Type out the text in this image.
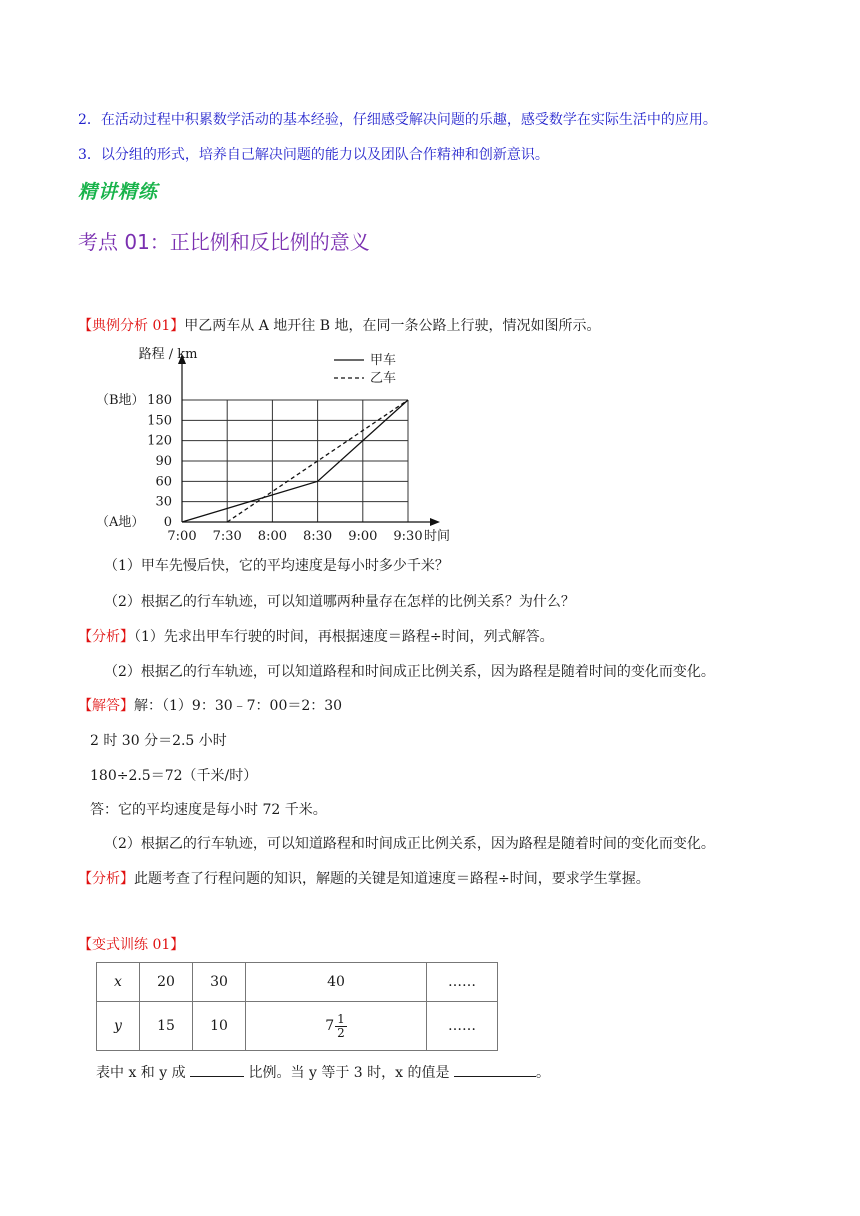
2．在活动过程中积累数学活动的基本经验，仔细感受解决问题的乐趣，感受数学在实际生活中的应用。
3．以分组的形式，培养自己解决问题的能力以及团队合作精神和创新意识。
精讲精练
考点 01：正比例和反比例的意义
【典例分析 01】甲乙两车从 A 地开往 B 地，在同一条公路上行驶，情况如图所示。
0
30
60
90
120
150
180
7:00 7:30 8:00 8:30 9:00 9:30 时间
路程 / km
（B地）
（A地）
甲车
乙车
（1）甲车先慢后快，它的平均速度是每小时多少千米？
（2）根据乙的行车轨迹，可以知道哪两种量存在怎样的比例关系？为什么？
【分析】（1）先求出甲车行驶的时间，再根据速度＝路程÷时间，列式解答。
（2）根据乙的行车轨迹，可以知道路程和时间成正比例关系，因为路程是随着时间的变化而变化。
【解答】解：（1）9：30﹣7：00＝2：30
2 时 30 分＝2.5 小时
180÷2.5＝72（千米/时）
答：它的平均速度是每小时 72 千米。
（2）根据乙的行车轨迹，可以知道路程和时间成正比例关系，因为路程是随着时间的变化而变化。
【分析】此题考查了行程问题的知识，解题的关键是知道速度＝路程÷时间，要求学生掌握。
【变式训练 01】
x	20	30	40	……
y	15	10	$7 \frac{1}{2}$	……
表中 x 和 y 成	比例。当 y 等于 3 时，x 的值是	。
